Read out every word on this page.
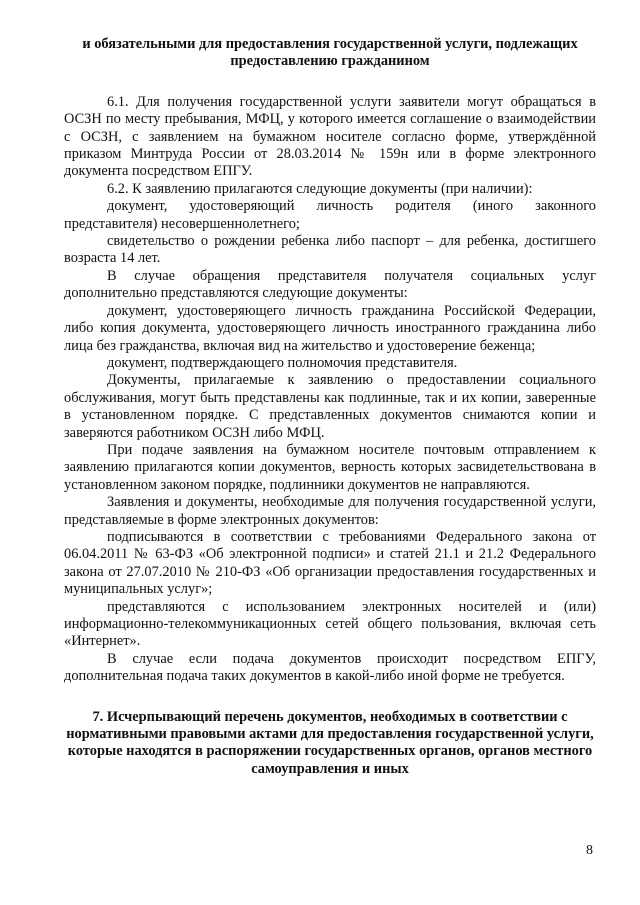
и обязательными для предоставления государственной услуги, подлежащих предоставлению гражданином

6.1. Для получения государственной услуги заявители могут обращаться в ОСЗН по месту пребывания, МФЦ, у которого имеется соглашение о взаимодействии с ОСЗН, с заявлением на бумажном носителе согласно форме, утверждённой приказом Минтруда России от 28.03.2014 № 159н или в форме электронного документа посредством ЕПГУ.

6.2. К заявлению прилагаются следующие документы (при наличии):

документ, удостоверяющий личность родителя (иного законного представителя) несовершеннолетнего;

свидетельство о рождении ребенка либо паспорт – для ребенка, достигшего возраста 14 лет.

В случае обращения представителя получателя социальных услуг дополнительно представляются следующие документы:

документ, удостоверяющего личность гражданина Российской Федерации, либо копия документа, удостоверяющего личность иностранного гражданина либо лица без гражданства, включая вид на жительство и удостоверение беженца;

документ, подтверждающего полномочия представителя.

Документы, прилагаемые к заявлению о предоставлении социального обслуживания, могут быть представлены как подлинные, так и их копии, заверенные в установленном порядке. С представленных документов снимаются копии и заверяются работником ОСЗН либо МФЦ.

При подаче заявления на бумажном носителе почтовым отправлением к заявлению прилагаются копии документов, верность которых засвидетельствована в установленном законом порядке, подлинники документов не направляются.

Заявления и документы, необходимые для получения государственной услуги, представляемые в форме электронных документов:

подписываются в соответствии с требованиями Федерального закона от 06.04.2011 № 63-ФЗ «Об электронной подписи» и статей 21.1 и 21.2 Федерального закона от 27.07.2010 № 210-ФЗ «Об организации предоставления государственных и муниципальных услуг»;

представляются с использованием электронных носителей и (или) информационно-телекоммуникационных сетей общего пользования, включая сеть «Интернет».

В случае если подача документов происходит посредством ЕПГУ, дополнительная подача таких документов в какой-либо иной форме не требуется.

7. Исчерпывающий перечень документов, необходимых в соответствии с нормативными правовыми актами для предоставления государственной услуги, которые находятся в распоряжении государственных органов, органов местного самоуправления и иных

8
